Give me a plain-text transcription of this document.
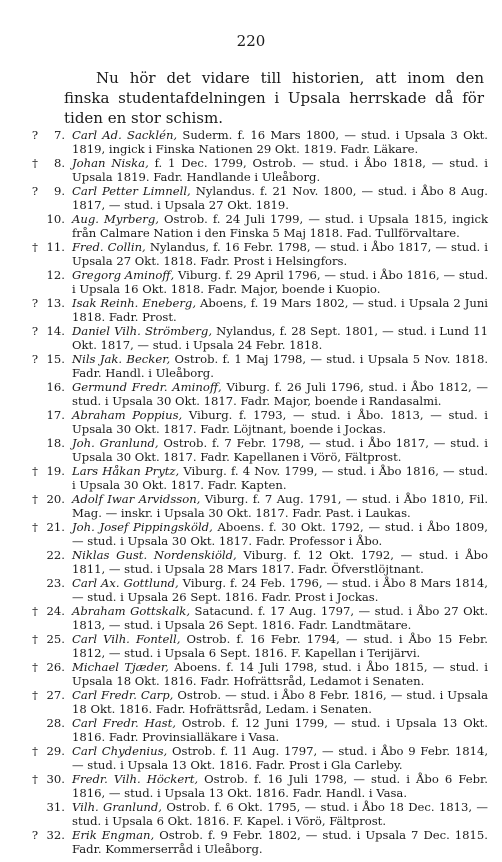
220
Nu hör det vidare till historien, att inom den finska studentafdelningen i Upsala herrskade då för tiden en stor schism.
?	7. Carl Ad. Sacklén, Suderm. f. 16 Mars 1800, — stud. i Upsala 3 Okt. 1819, ingick i Finska Nationen 29 Okt. 1819. Fadr. Läkare.
†	8. Johan Niska, f. 1 Dec. 1799, Ostrob. — stud. i Åbo 1818, — stud. i Upsala 1819. Fadr. Handlande i Uleåborg.
?	9. Carl Petter Limnell, Nylandus. f. 21 Nov. 1800, — stud. i Åbo 8 Aug. 1817, — stud. i Upsala 27 Okt. 1819.
10. Aug. Myrberg, Ostrob. f. 24 Juli 1799, — stud. i Upsala 1815, ingick från Calmare Nation i den Finska 5 Maj 1818. Fad. Tullförvaltare.
† 11. Fred. Collin, Nylandus, f. 16 Febr. 1798, — stud. i Åbo 1817, — stud. i Upsala 27 Okt. 1818. Fadr. Prost i Helsingfors.
12. Gregorg Aminoff, Viburg. f. 29 April 1796, — stud. i Åbo 1816, — stud. i Upsala 16 Okt. 1818. Fadr. Major, boende i Kuopio.
? 13. Isak Reinh. Eneberg, Aboens, f. 19 Mars 1802, — stud. i Upsala 2 Juni 1818. Fadr. Prost.
? 14. Daniel Vilh. Strömberg, Nylandus, f. 28 Sept. 1801, — stud. i Lund 11 Okt. 1817, — stud. i Upsala 24 Febr. 1818.
? 15. Nils Jak. Becker, Ostrob. f. 1 Maj 1798, — stud. i Upsala 5 Nov. 1818. Fadr. Handl. i Uleåborg.
16. Germund Fredr. Aminoff, Viburg. f. 26 Juli 1796, stud. i Åbo 1812, — stud. i Upsala 30 Okt. 1817. Fadr. Major, boende i Randasalmi.
17. Abraham Poppius, Viburg. f. 1793, — stud. i Åbo. 1813, — stud. i Upsala 30 Okt. 1817. Fadr. Löjtnant, boende i Jockas.
18. Joh. Granlund, Ostrob. f. 7 Febr. 1798, — stud. i Åbo 1817, — stud. i Upsala 30 Okt. 1817. Fadr. Kapellanen i Vörö, Fältprost.
† 19. Lars Håkan Prytz, Viburg. f. 4 Nov. 1799, — stud. i Åbo 1816, — stud. i Upsala 30 Okt. 1817. Fadr. Kapten.
† 20. Adolf Iwar Arvidsson, Viburg. f. 7 Aug. 1791, — stud. i Åbo 1810, Fil. Mag. — inskr. i Upsala 30 Okt. 1817. Fadr. Past. i Laukas.
† 21. Joh. Josef Pippingsköld, Aboens. f. 30 Okt. 1792, — stud. i Åbo 1809, — stud. i Upsala 30 Okt. 1817. Fadr. Professor i Åbo.
22. Niklas Gust. Nordenskiöld, Viburg. f. 12 Okt. 1792, — stud. i Åbo 1811, — stud. i Upsala 28 Mars 1817. Fadr. Öfverstlöjtnant.
23. Carl Ax. Gottlund, Viburg. f. 24 Feb. 1796, — stud. i Åbo 8 Mars 1814, — stud. i Upsala 26 Sept. 1816. Fadr. Prost i Jockas.
† 24. Abraham Gottskalk, Satacund. f. 17 Aug. 1797, — stud. i Åbo 27 Okt. 1813, — stud. i Upsala 26 Sept. 1816. Fadr. Landtmätare.
† 25. Carl Vilh. Fontell, Ostrob. f. 16 Febr. 1794, — stud. i Åbo 15 Febr. 1812, — stud. i Upsala 6 Sept. 1816. F. Kapellan i Terijärvi.
† 26. Michael Tjæder, Aboens. f. 14 Juli 1798, stud. i Åbo 1815, — stud. i Upsala 18 Okt. 1816. Fadr. Hofrättsråd, Ledamot i Senaten.
† 27. Carl Fredr. Carp, Ostrob. — stud. i Åbo 8 Febr. 1816, — stud. i Upsala 18 Okt. 1816. Fadr. Hofrättsråd, Ledam. i Senaten.
28. Carl Fredr. Hast, Ostrob. f. 12 Juni 1799, — stud. i Upsala 13 Okt. 1816. Fadr. Provinsialläkare i Vasa.
† 29. Carl Chydenius, Ostrob. f. 11 Aug. 1797, — stud. i Åbo 9 Febr. 1814, — stud. i Upsala 13 Okt. 1816. Fadr. Prost i Gla Carleby.
† 30. Fredr. Vilh. Höckert, Ostrob. f. 16 Juli 1798, — stud. i Åbo 6 Febr. 1816, — stud. i Upsala 13 Okt. 1816. Fadr. Handl. i Vasa.
31. Vilh. Granlund, Ostrob. f. 6 Okt. 1795, — stud. i Åbo 18 Dec. 1813, — stud. i Upsala 6 Okt. 1816. F. Kapel. i Vörö, Fältprost.
? 32. Erik Engman, Ostrob. f. 9 Febr. 1802, — stud. i Upsala 7 Dec. 1815. Fadr. Kommerserråd i Uleåborg.
